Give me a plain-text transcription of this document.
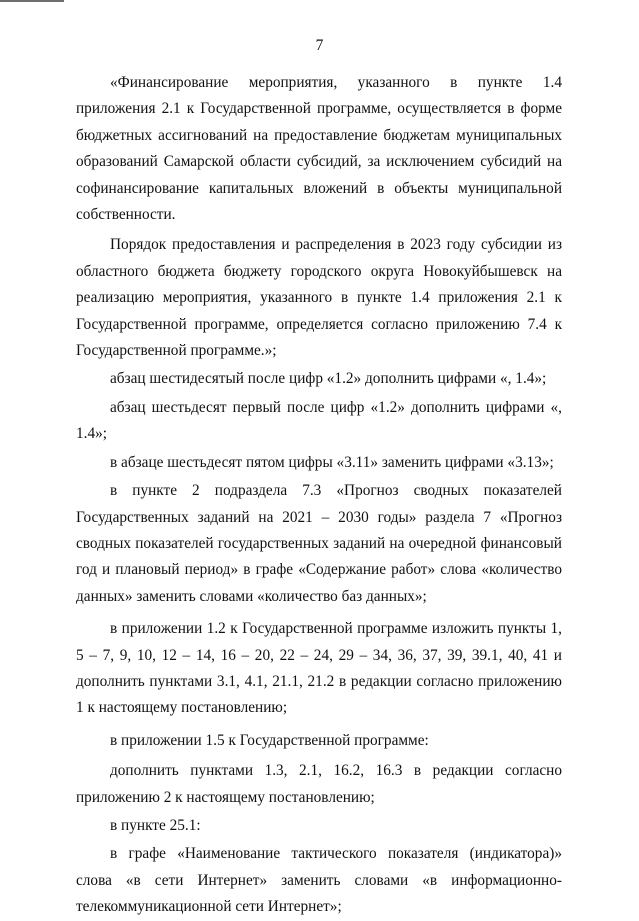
7

«Финансирование мероприятия, указанного в пункте 1.4 приложения 2.1 к Государственной программе, осуществляется в форме бюджетных ассигнований на предоставление бюджетам муниципальных образований Самарской области субсидий, за исключением субсидий на софинансирование капитальных вложений в объекты муниципальной собственности.

Порядок предоставления и распределения в 2023 году субсидии из областного бюджета бюджету городского округа Новокуйбышевск на реализацию мероприятия, указанного в пункте 1.4 приложения 2.1 к Государственной программе, определяется согласно приложению 7.4 к Государственной программе.»;

абзац шестидесятый после цифр «1.2» дополнить цифрами «, 1.4»;

абзац шестьдесят первый после цифр «1.2» дополнить цифрами «, 1.4»;

в абзаце шестьдесят пятом цифры «3.11» заменить цифрами «3.13»;

в пункте 2 подраздела 7.3 «Прогноз сводных показателей Государственных заданий на 2021 – 2030 годы» раздела 7 «Прогноз сводных показателей государственных заданий на очередной финансовый год и плановый период» в графе «Содержание работ» слова «количество данных» заменить словами «количество баз данных»;

в приложении 1.2 к Государственной программе изложить пункты 1, 5 – 7, 9, 10, 12 – 14, 16 – 20, 22 – 24, 29 – 34, 36, 37, 39, 39.1, 40, 41 и дополнить пунктами 3.1, 4.1, 21.1, 21.2 в редакции согласно приложению 1 к настоящему постановлению;

в приложении 1.5 к Государственной программе:

дополнить пунктами 1.3, 2.1, 16.2, 16.3 в редакции согласно приложению 2 к настоящему постановлению;

в пункте 25.1:

в графе «Наименование тактического показателя (индикатора)» слова «в сети Интернет» заменить словами «в информационно-телекоммуникационной сети Интернет»;
